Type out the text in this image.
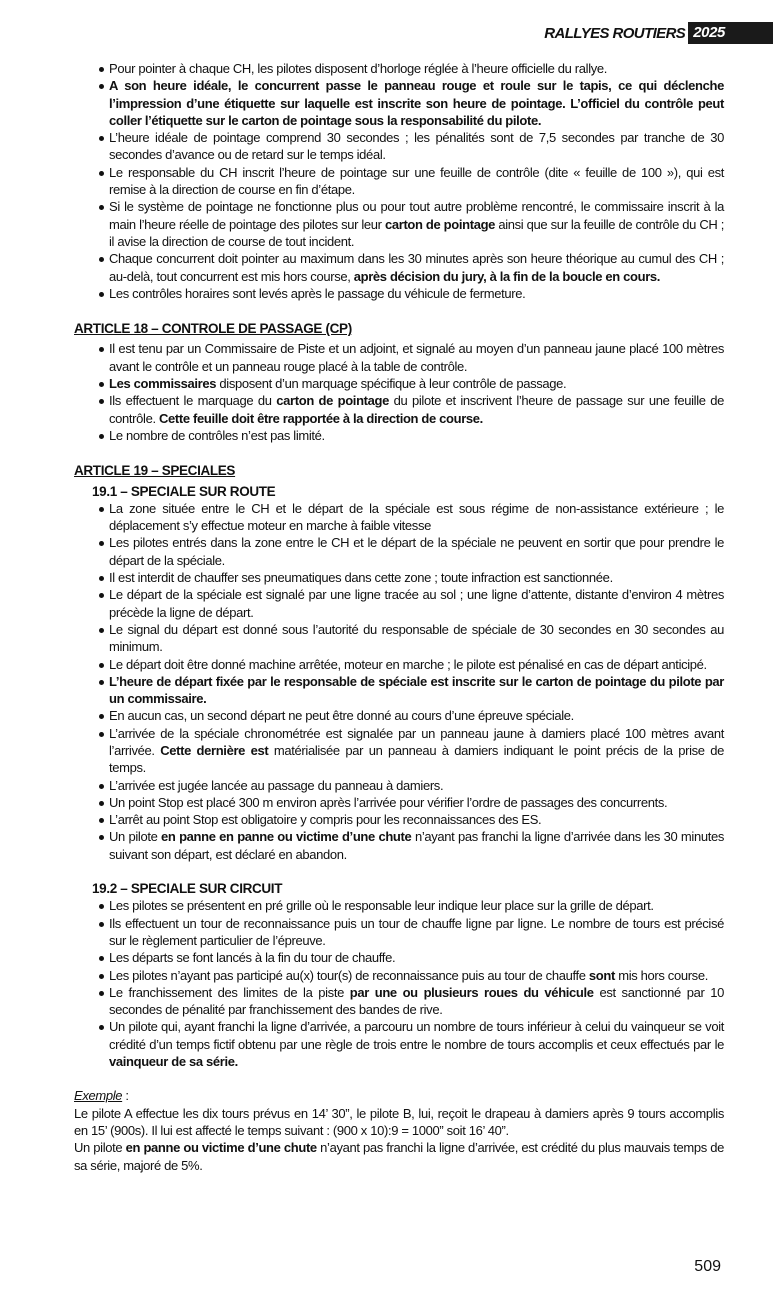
RALLYES ROUTIERS 2025
Pour pointer à chaque CH, les pilotes disposent d’horloge réglée à l’heure officielle du rallye.
A son heure idéale, le concurrent passe le panneau rouge et roule sur le tapis, ce qui déclenche l’impression d’une étiquette sur laquelle est inscrite son heure de pointage. L’officiel du contrôle peut coller l’étiquette sur le carton de pointage sous la responsabilité du pilote.
L’heure idéale de pointage comprend 30 secondes ; les pénalités sont de 7,5 secondes par tranche de 30 secondes d’avance ou de retard sur le temps idéal.
Le responsable du CH inscrit l’heure de pointage sur une feuille de contrôle (dite « feuille de 100 »), qui est remise à la direction de course en fin d’étape.
Si le système de pointage ne fonctionne plus ou pour tout autre problème rencontré, le commissaire inscrit à la main l’heure réelle de pointage des pilotes sur leur carton de pointage ainsi que sur la feuille de contrôle du CH ; il avise la direction de course de tout incident.
Chaque concurrent doit pointer au maximum dans les 30 minutes après son heure théorique au cumul des CH ; au-delà, tout concurrent est mis hors course, après décision du jury, à la fin de la boucle en cours.
Les contrôles horaires sont levés après le passage du véhicule de fermeture.
ARTICLE 18 – CONTROLE DE PASSAGE (CP)
Il est tenu par un Commissaire de Piste et un adjoint, et signalé au moyen d’un panneau jaune placé 100 mètres avant le contrôle et un panneau rouge placé à la table de contrôle.
Les commissaires disposent d’un marquage spécifique à leur contrôle de passage.
Ils effectuent le marquage du carton de pointage du pilote et inscrivent l’heure de passage sur une feuille de contrôle. Cette feuille doit être rapportée à la direction de course.
Le nombre de contrôles n’est pas limité.
ARTICLE 19 – SPECIALES
19.1 – SPECIALE SUR ROUTE
La zone située entre le CH et le départ de la spéciale est sous régime de non-assistance extérieure ; le déplacement s’y effectue moteur en marche à faible vitesse
Les pilotes entrés dans la zone entre le CH et le départ de la spéciale ne peuvent en sortir que pour prendre le départ de la spéciale.
Il est interdit de chauffer ses pneumatiques dans cette zone ; toute infraction est sanctionnée.
Le départ de la spéciale est signalé par une ligne tracée au sol ; une ligne d’attente, distante d’environ 4 mètres précède la ligne de départ.
Le signal du départ est donné sous l’autorité du responsable de spéciale de 30 secondes en 30 secondes au minimum.
Le départ doit être donné machine arrêtée, moteur en marche ; le pilote est pénalisé en cas de départ anticipé.
L’heure de départ fixée par le responsable de spéciale est inscrite sur le carton de pointage du pilote par un commissaire.
En aucun cas, un second départ ne peut être donné au cours d’une épreuve spéciale.
L’arrivée de la spéciale chronométrée est signalée par un panneau jaune à damiers placé 100 mètres avant l’arrivée. Cette dernière est matérialisée par un panneau à damiers indiquant le point précis de la prise de temps.
L’arrivée est jugée lancée au passage du panneau à damiers.
Un point Stop est placé 300 m environ après l’arrivée pour vérifier l’ordre de passages des concurrents.
L’arrêt au point Stop est obligatoire y compris pour les reconnaissances des ES.
Un pilote en panne en panne ou victime d’une chute n’ayant pas franchi la ligne d’arrivée dans les 30 minutes suivant son départ, est déclaré en abandon.
19.2 – SPECIALE SUR CIRCUIT
Les pilotes se présentent en pré grille où le responsable leur indique leur place sur la grille de départ.
Ils effectuent un tour de reconnaissance puis un tour de chauffe ligne par ligne. Le nombre de tours est précisé sur le règlement particulier de l’épreuve.
Les départs se font lancés à la fin du tour de chauffe.
Les pilotes n’ayant pas participé au(x) tour(s) de reconnaissance puis au tour de chauffe sont mis hors course.
Le franchissement des limites de la piste par une ou plusieurs roues du véhicule est sanctionné par 10 secondes de pénalité par franchissement des bandes de rive.
Un pilote qui, ayant franchi la ligne d’arrivée, a parcouru un nombre de tours inférieur à celui du vainqueur se voit crédité d’un temps fictif obtenu par une règle de trois entre le nombre de tours accomplis et ceux effectués par le vainqueur de sa série.
Exemple :

Le pilote A effectue les dix tours prévus en 14’ 30”, le pilote B, lui, reçoit le drapeau à damiers après 9 tours accomplis en 15’ (900s). Il lui est affecté le temps suivant : (900 x 10):9 = 1000” soit 16’ 40”.

Un pilote en panne ou victime d’une chute n’ayant pas franchi la ligne d’arrivée, est crédité du plus mauvais temps de sa série, majoré de 5%.

509
